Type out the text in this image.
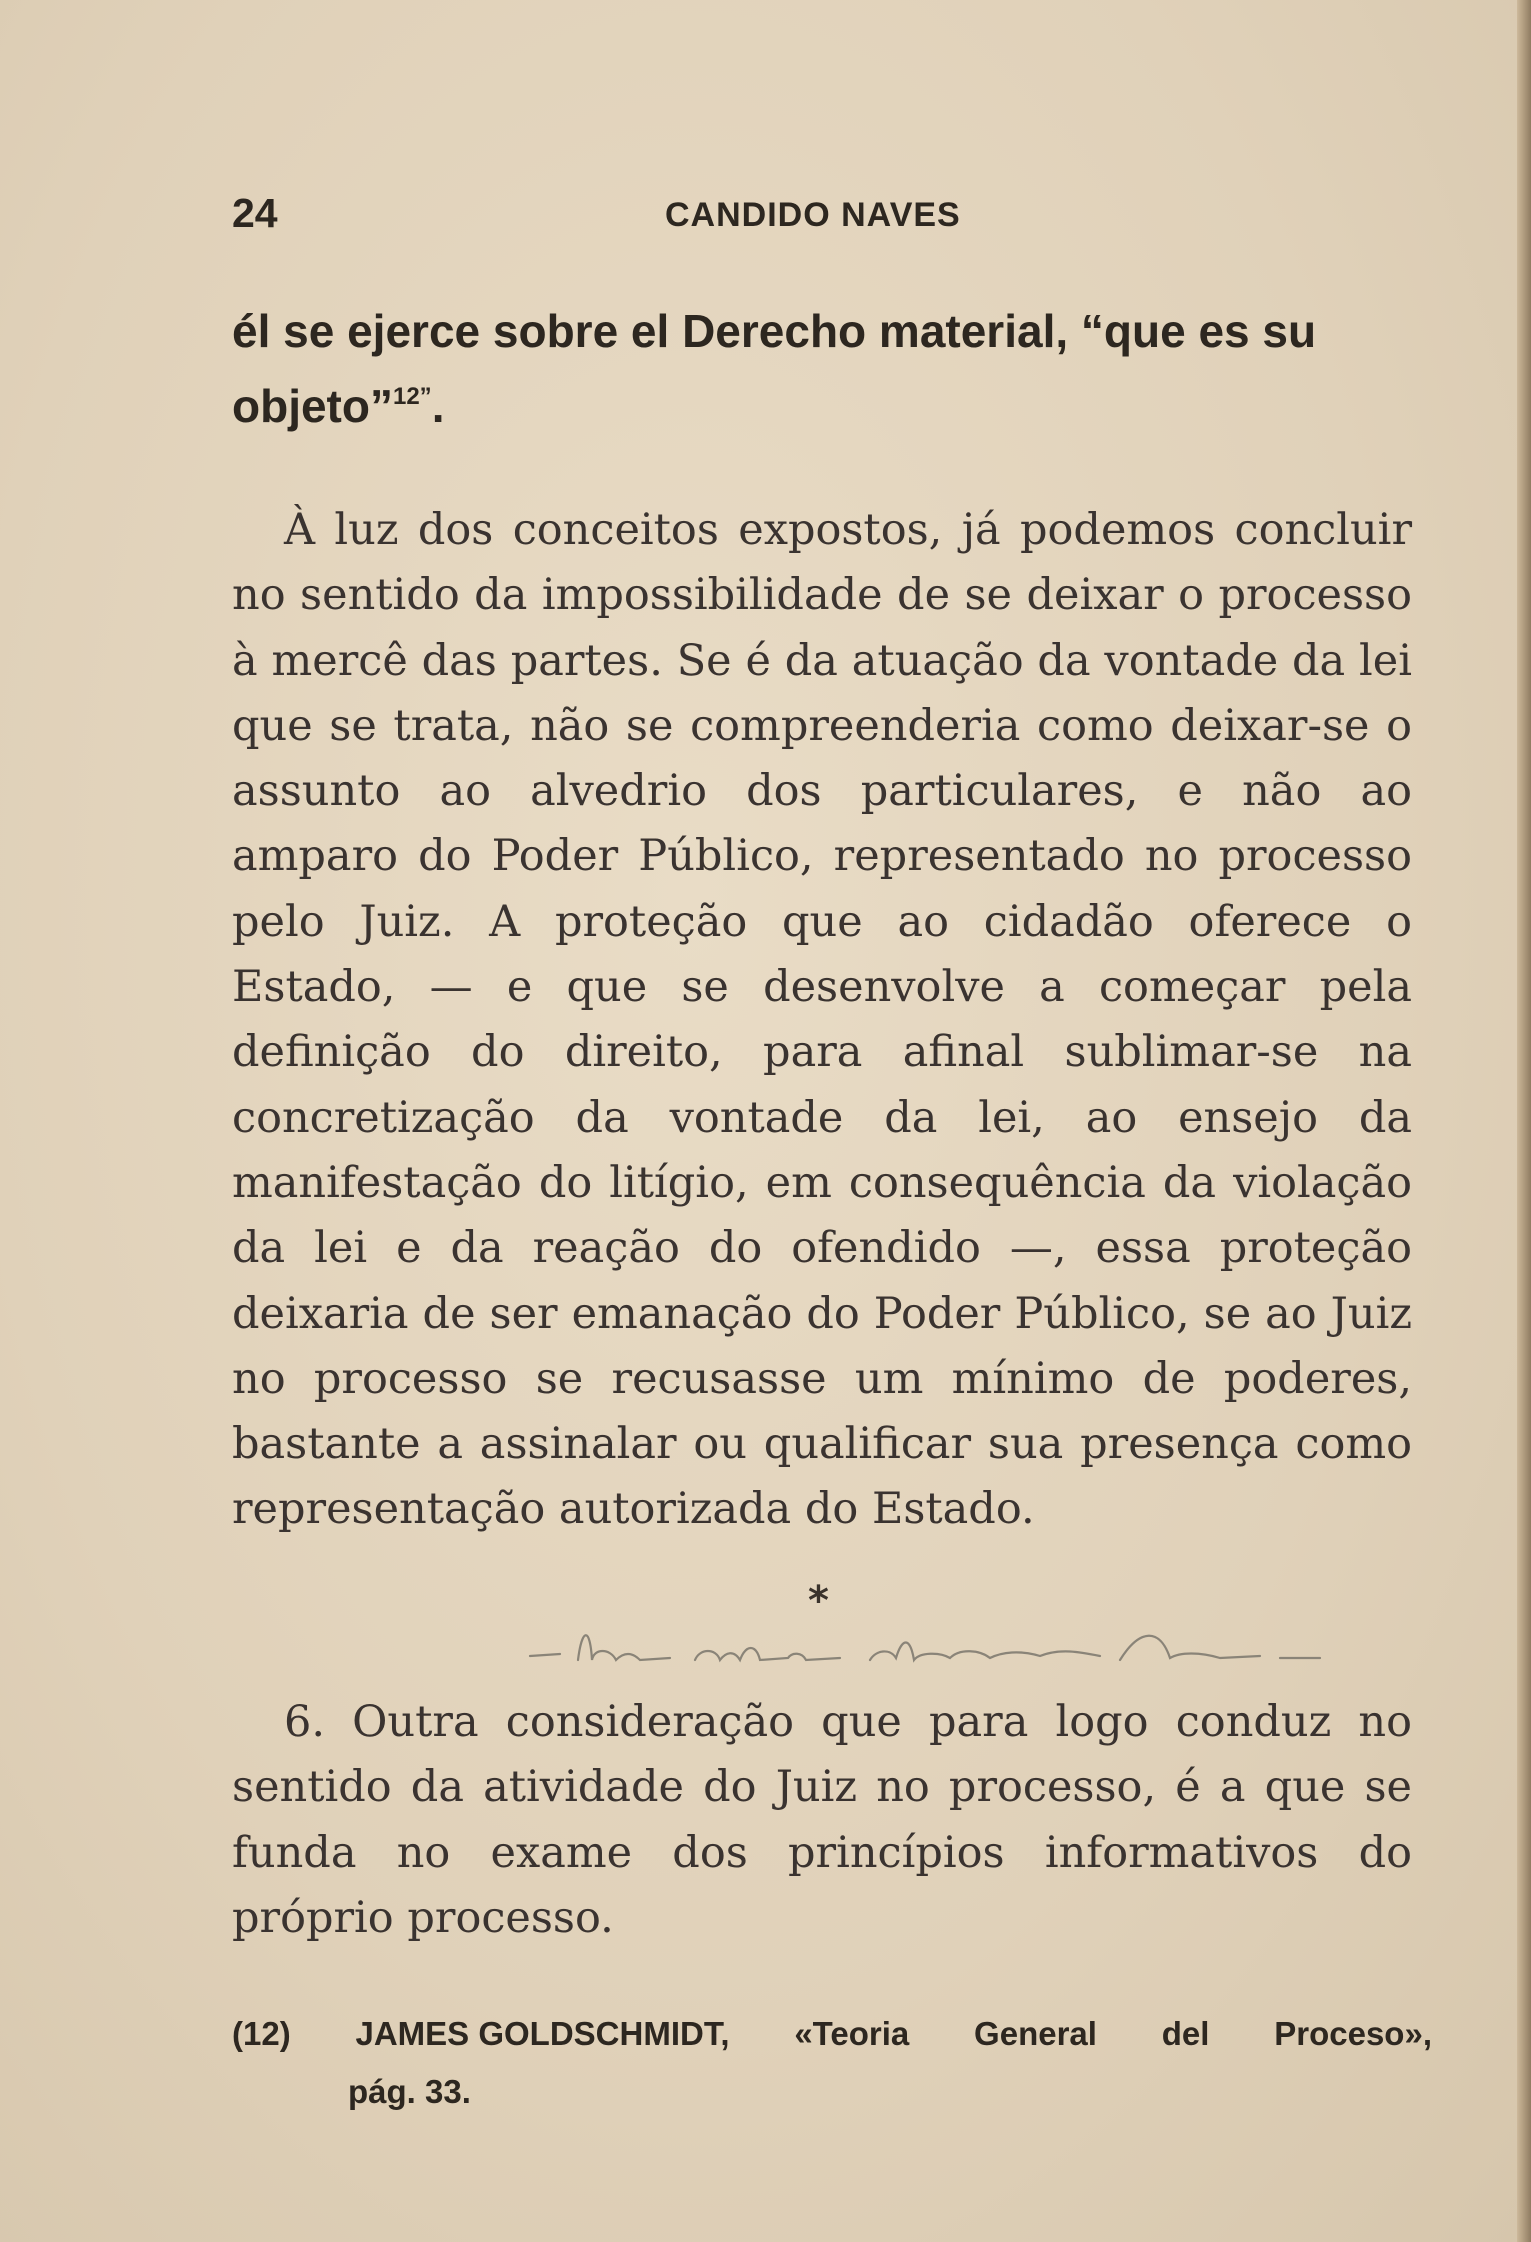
24	CANDIDO NAVES
él se ejerce sobre el Derecho material, “que es su
objeto”$^{12”}$.

À luz dos conceitos expostos, já podemos concluir no sentido da impossibilidade de se deixar o processo à mercê das partes. Se é da atuação da vontade da lei que se trata, não se compreenderia como deixar-se o assunto ao alvedrio dos particulares, e não ao amparo do Poder Público, representado no processo pelo Juiz. A proteção que ao cidadão oferece o Estado, — e que se desenvolve a começar pela definição do direito, para afinal sublimar-se na concretização da vontade da lei, ao ensejo da manifestação do litígio, em consequência da violação da lei e da reação do ofendido —, essa proteção deixaria de ser emanação do Poder Público, se ao Juiz no processo se recusasse um mínimo de poderes, bastante a assinalar ou qualificar sua presença como representação autorizada do Estado.

*

6. Outra consideração que para logo conduz no sentido da atividade do Juiz no processo, é a que se funda no exame dos princípios informativos do próprio processo.

(12) JAMES GOLDSCHMIDT, «Teoria General del Proceso»,
pág. 33.
